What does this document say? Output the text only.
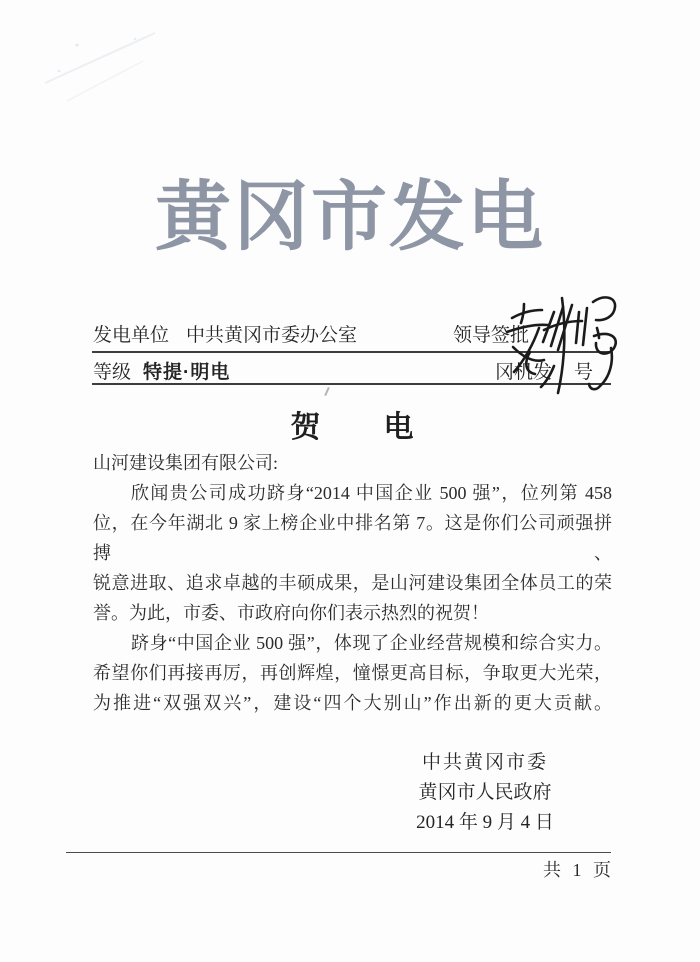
黄冈市发电
发电单位 中共黄冈市委办公室	领导签批
等级 特提·明电	冈机发 号
贺　　电
山河建设集团有限公司:
欣闻贵公司成功跻身“2014 中国企业 500 强”，位列第 458
位，在今年湖北 9 家上榜企业中排名第 7。这是你们公司顽强拼搏、
锐意进取、追求卓越的丰硕成果，是山河建设集团全体员工的荣
誉。为此，市委、市政府向你们表示热烈的祝贺！
跻身“中国企业 500 强”，体现了企业经营规模和综合实力。
希望你们再接再厉，再创辉煌，憧憬更高目标，争取更大光荣，
为推进“双强双兴”，建设“四个大别山”作出新的更大贡献。
中共黄冈市委
黄冈市人民政府
2014 年 9 月 4 日
共 1 页
